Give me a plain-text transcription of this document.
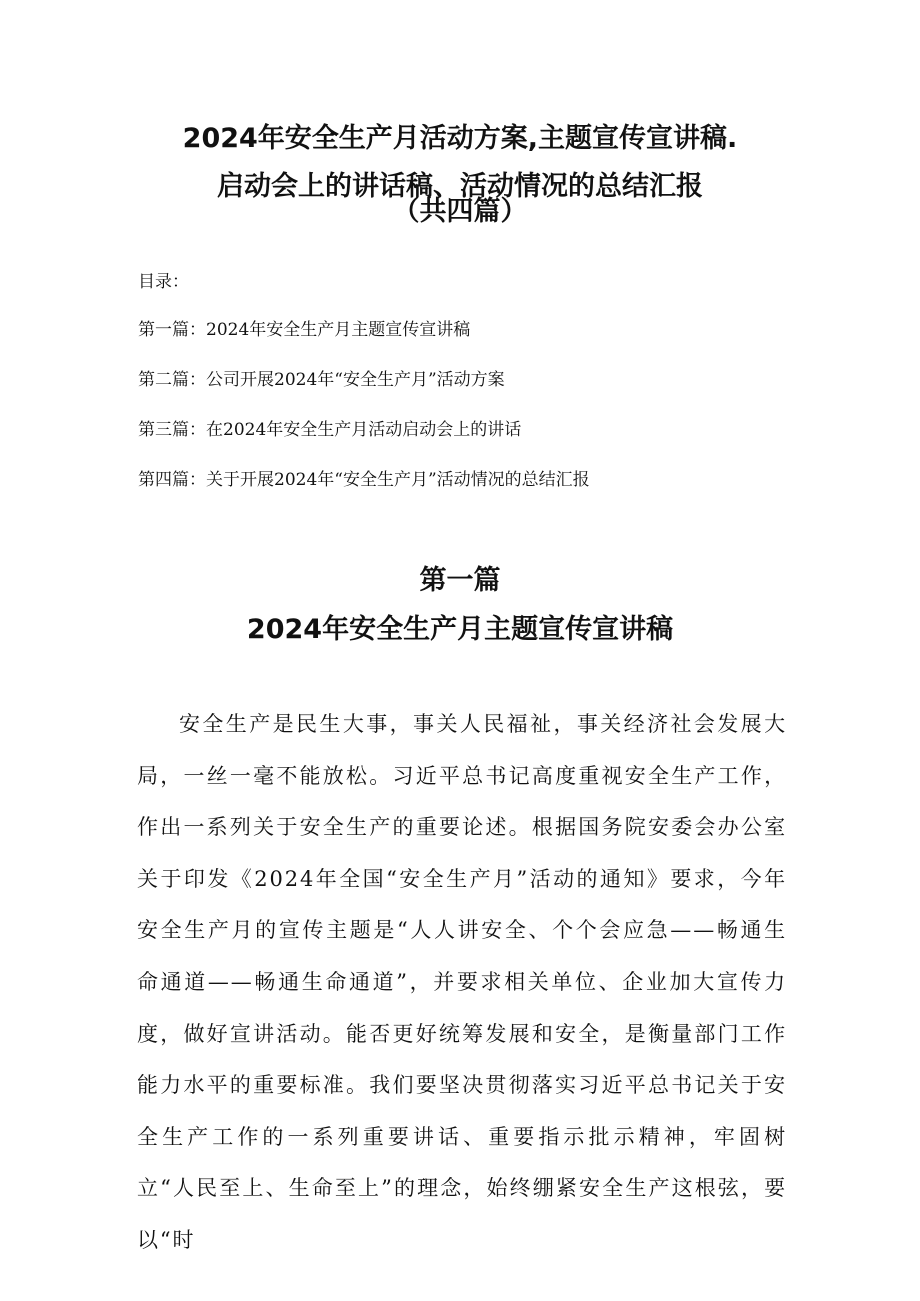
2024年安全生产月活动方案,主题宣传宣讲稿.
启动会上的讲话稿、活动情况的总结汇报
（共四篇）

目录：

第一篇：2024年安全生产月主题宣传宣讲稿
第二篇：公司开展2024年“安全生产月”活动方案
第三篇：在2024年安全生产月活动启动会上的讲话
第四篇：关于开展2024年“安全生产月”活动情况的总结汇报
第一篇
2024年安全生产月主题宣传宣讲稿

安全生产是民生大事，事关人民福祉，事关经济社会发展大局，一丝一毫不能放松。习近平总书记高度重视安全生产工作，作出一系列关于安全生产的重要论述。根据国务院安委会办公室关于印发《2024年全国“安全生产月”活动的通知》要求，今年安全生产月的宣传主题是“人人讲安全、个个会应急——畅通生命通道——畅通生命通道”，并要求相关单位、企业加大宣传力度，做好宣讲活动。能否更好统筹发展和安全，是衡量部门工作能力水平的重要标准。我们要坚决贯彻落实习近平总书记关于安全生产工作的一系列重要讲话、重要指示批示精神，牢固树立“人民至上、生命至上”的理念，始终绷紧安全生产这根弦，要以“时
